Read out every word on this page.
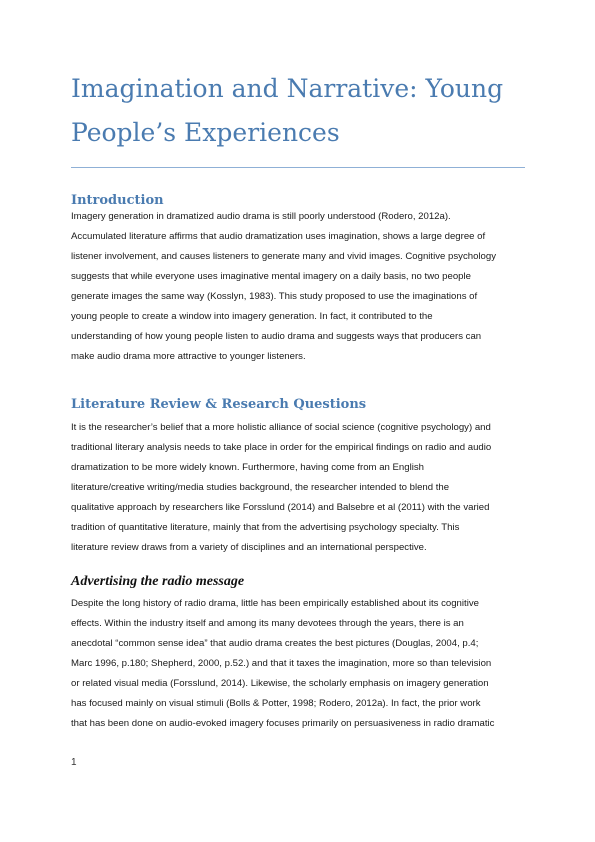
Imagination and Narrative: Young
People’s Experiences
Introduction
Imagery generation in dramatized audio drama is still poorly understood (Rodero, 2012a).
Accumulated literature affirms that audio dramatization uses imagination, shows a large degree of
listener involvement, and causes listeners to generate many and vivid images. Cognitive psychology
suggests that while everyone uses imaginative mental imagery on a daily basis, no two people
generate images the same way (Kosslyn, 1983). This study proposed to use the imaginations of
young people to create a window into imagery generation. In fact, it contributed to the
understanding of how young people listen to audio drama and suggests ways that producers can
make audio drama more attractive to younger listeners.
Literature Review & Research Questions
It is the researcher’s belief that a more holistic alliance of social science (cognitive psychology) and
traditional literary analysis needs to take place in order for the empirical findings on radio and audio
dramatization to be more widely known. Furthermore, having come from an English
literature/creative writing/media studies background, the researcher intended to blend the
qualitative approach by researchers like Forsslund (2014) and Balsebre et al (2011) with the varied
tradition of quantitative literature, mainly that from the advertising psychology specialty. This
literature review draws from a variety of disciplines and an international perspective.
Advertising the radio message
Despite the long history of radio drama, little has been empirically established about its cognitive
effects. Within the industry itself and among its many devotees through the years, there is an
anecdotal “common sense idea” that audio drama creates the best pictures (Douglas, 2004, p.4;
Marc 1996, p.180; Shepherd, 2000, p.52.) and that it taxes the imagination, more so than television
or related visual media (Forsslund, 2014). Likewise, the scholarly emphasis on imagery generation
has focused mainly on visual stimuli (Bolls & Potter, 1998; Rodero, 2012a). In fact, the prior work
that has been done on audio-evoked imagery focuses primarily on persuasiveness in radio dramatic
1
